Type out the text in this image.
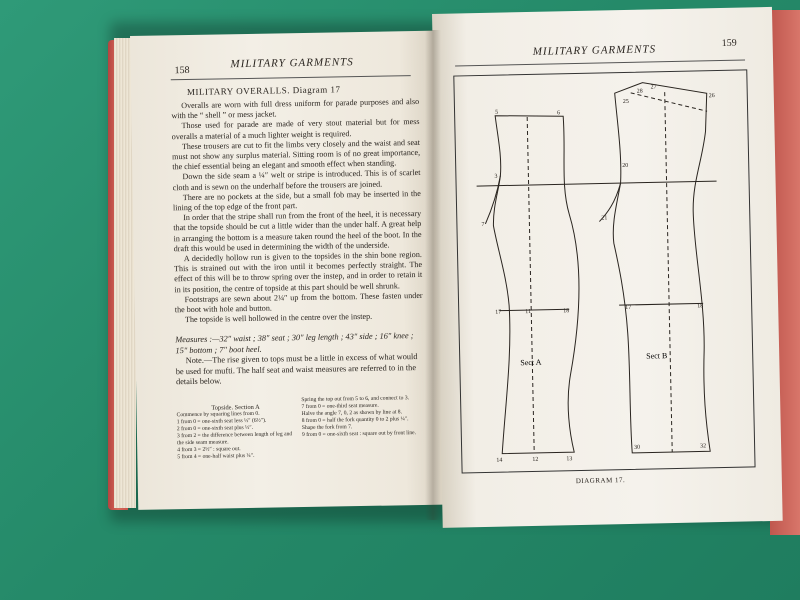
158
MILITARY GARMENTS
MILITARY OVERALLS. Diagram 17

Overalls are worn with full dress uniform for parade purposes and also with the “ shell ” or mess jacket.

Those used for parade are made of very stout material but for mess overalls a material of a much lighter weight is required.

These trousers are cut to fit the limbs very closely and the waist and seat must not show any surplus material. Sitting room is of no great importance, the chief essential being an elegant and smooth effect when standing.

Down the side seam a ¼″ welt or stripe is introduced. This is of scarlet cloth and is sewn on the underhalf before the trousers are joined.

There are no pockets at the side, but a small fob may be inserted in the lining of the top edge of the front part.

In order that the stripe shall run from the front of the heel, it is necessary that the topside should be cut a little wider than the under half. A great help in arranging the bottom is a measure taken round the heel of the boot. In the draft this would be used in determining the width of the underside.

A decidedly hollow run is given to the topsides in the shin bone region. This is strained out with the iron until it becomes perfectly straight. The effect of this will be to throw spring over the instep, and in order to retain it in its position, the centre of topside at this part should be well shrunk.

Footstraps are sewn about 2¼″ up from the bottom. These fasten under the boot with hole and button.

The topside is well hollowed in the centre over the instep.

Measures :—32″ waist ; 38″ seat ; 30″ leg length ; 43″ side ; 16″ knee ; 15″ bottom ; 7″ boot heel.

Note.—The rise given to tops must be a little in excess of what would be used for mufti. The half seat and waist measures are referred to in the details below.

Topside. Section A
Commence by squaring lines from 0.
1 from 0 = one-sixth seat less ½″ (6½″).
2 from 0 = one-sixth seat plus ½″.
3 from 2 = the difference between length of leg and the side seam measure.
4 from 3 = 2½″ : square out.
5 from 4 = one-half waist plus ¼″.
Spring the top out from 5 to 6, and connect to 3.
7 from 0 = one-third seat measure.
Halve the angle 7, 0, 2 as shown by line at 8.
8 from 0 = half the fork quantity 0 to 2 plus ¼″.
Shape the fork from 7.
9 from 0 = one-sixth seat : square out by front line.
MILITARY GARMENTS
159
Sect A
Sect B
5	6
3
7
17	11	18
14	12	13
28
27
26
25
20
21
17	18
30	32
DIAGRAM 17.
